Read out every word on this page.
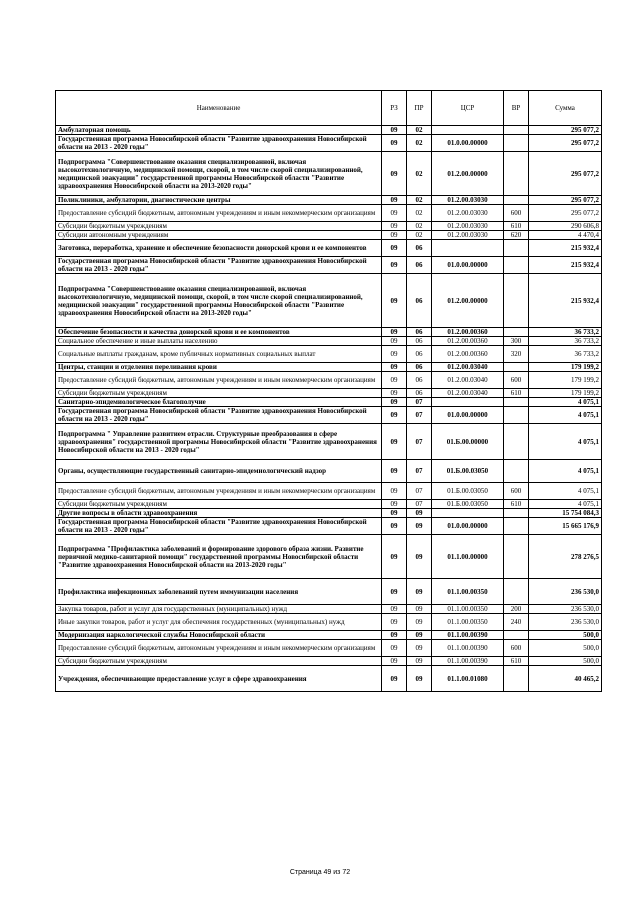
Наименование	РЗ	ПР	ЦСР	ВР	Сумма
Амбулаторная помощь	09	02			295 077,2
Государственная программа Новосибирской области "Развитие здравоохранения Новосибирской области на 2013 - 2020 годы"	09	02	01.0.00.00000		295 077,2
Подпрограмма "Совершенствование оказания специализированной, включая высокотехнологичную, медицинской помощи, скорой, в том числе скорой специализированной, медицинской эвакуации" государственной программы Новосибирской области "Развитие здравоохранения Новосибирской области на 2013-2020 годы"	09	02	01.2.00.00000		295 077,2
Поликлиники, амбулатории, диагностические центры	09	02	01.2.00.03030		295 077,2
Предоставление субсидий бюджетным, автономным учреждениям и иным некоммерческим организациям	09	02	01.2.00.03030	600	295 077,2
Субсидии бюджетным учреждениям	09	02	01.2.00.03030	610	290 606,8
Субсидии автономным учреждениям	09	02	01.2.00.03030	620	4 470,4
Заготовка, переработка, хранение и обеспечение безопасности донорской крови и ее компонентов	09	06			215 932,4
Государственная программа Новосибирской области "Развитие здравоохранения Новосибирской области на 2013 - 2020 годы"	09	06	01.0.00.00000		215 932,4
Подпрограмма "Совершенствование оказания специализированной, включая высокотехнологичную, медицинской помощи, скорой, в том числе скорой специализированной, медицинской эвакуации" государственной программы Новосибирской области "Развитие здравоохранения Новосибирской области на 2013-2020 годы"	09	06	01.2.00.00000		215 932,4
Обеспечение безопасности и качества донорской крови и ее компонентов	09	06	01.2.00.00360		36 733,2
Социальное обеспечение и иные выплаты населению	09	06	01.2.00.00360	300	36 733,2
Социальные выплаты гражданам, кроме публичных нормативных социальных выплат	09	06	01.2.00.00360	320	36 733,2
Центры, станции и отделения переливания крови	09	06	01.2.00.03040		179 199,2
Предоставление субсидий бюджетным, автономным учреждениям и иным некоммерческим организациям	09	06	01.2.00.03040	600	179 199,2
Субсидии бюджетным учреждениям	09	06	01.2.00.03040	610	179 199,2
Санитарно-эпидемиологическое благополучие	09	07			4 075,1
Государственная программа Новосибирской области "Развитие здравоохранения Новосибирской области на 2013 - 2020 годы"	09	07	01.0.00.00000		4 075,1
Подпрограмма " Управление развитием отрасли. Структурные преобразования в сфере здравоохранения" государственной программы Новосибирской области "Развитие здравоохранения Новосибирской области на 2013 - 2020 годы"	09	07	01.Б.00.00000		4 075,1
Органы, осуществляющие государственный санитарно-эпидемиологический надзор	09	07	01.Б.00.03050		4 075,1
Предоставление субсидий бюджетным, автономным учреждениям и иным некоммерческим организациям	09	07	01.Б.00.03050	600	4 075,1
Субсидии бюджетным учреждениям	09	07	01.Б.00.03050	610	4 075,1
Другие вопросы в области здравоохранения	09	09			15 754 084,3
Государственная программа Новосибирской области "Развитие здравоохранения Новосибирской области на 2013 - 2020 годы"	09	09	01.0.00.00000		15 665 176,9
Подпрограмма "Профилактика заболеваний и формирование здорового образа жизни. Развитие первичной медико-санитарной помощи" государственной программы Новосибирской области "Развитие здравоохранения Новосибирской области на 2013-2020 годы"	09	09	01.1.00.00000		278 276,5
Профилактика инфекционных заболеваний путем иммунизации населения	09	09	01.1.00.00350		236 530,0
Закупка товаров, работ и услуг для государственных (муниципальных) нужд	09	09	01.1.00.00350	200	236 530,0
Иные закупки товаров, работ и услуг для обеспечения государственных (муниципальных) нужд	09	09	01.1.00.00350	240	236 530,0
Модернизация наркологической службы Новосибирской области	09	09	01.1.00.00390		500,0
Предоставление субсидий бюджетным, автономным учреждениям и иным некоммерческим организациям	09	09	01.1.00.00390	600	500,0
Субсидии бюджетным учреждениям	09	09	01.1.00.00390	610	500,0
Учреждения, обеспечивающие предоставление услуг в сфере здравоохранения	09	09	01.1.00.01080		40 465,2
Страница 49 из 72
